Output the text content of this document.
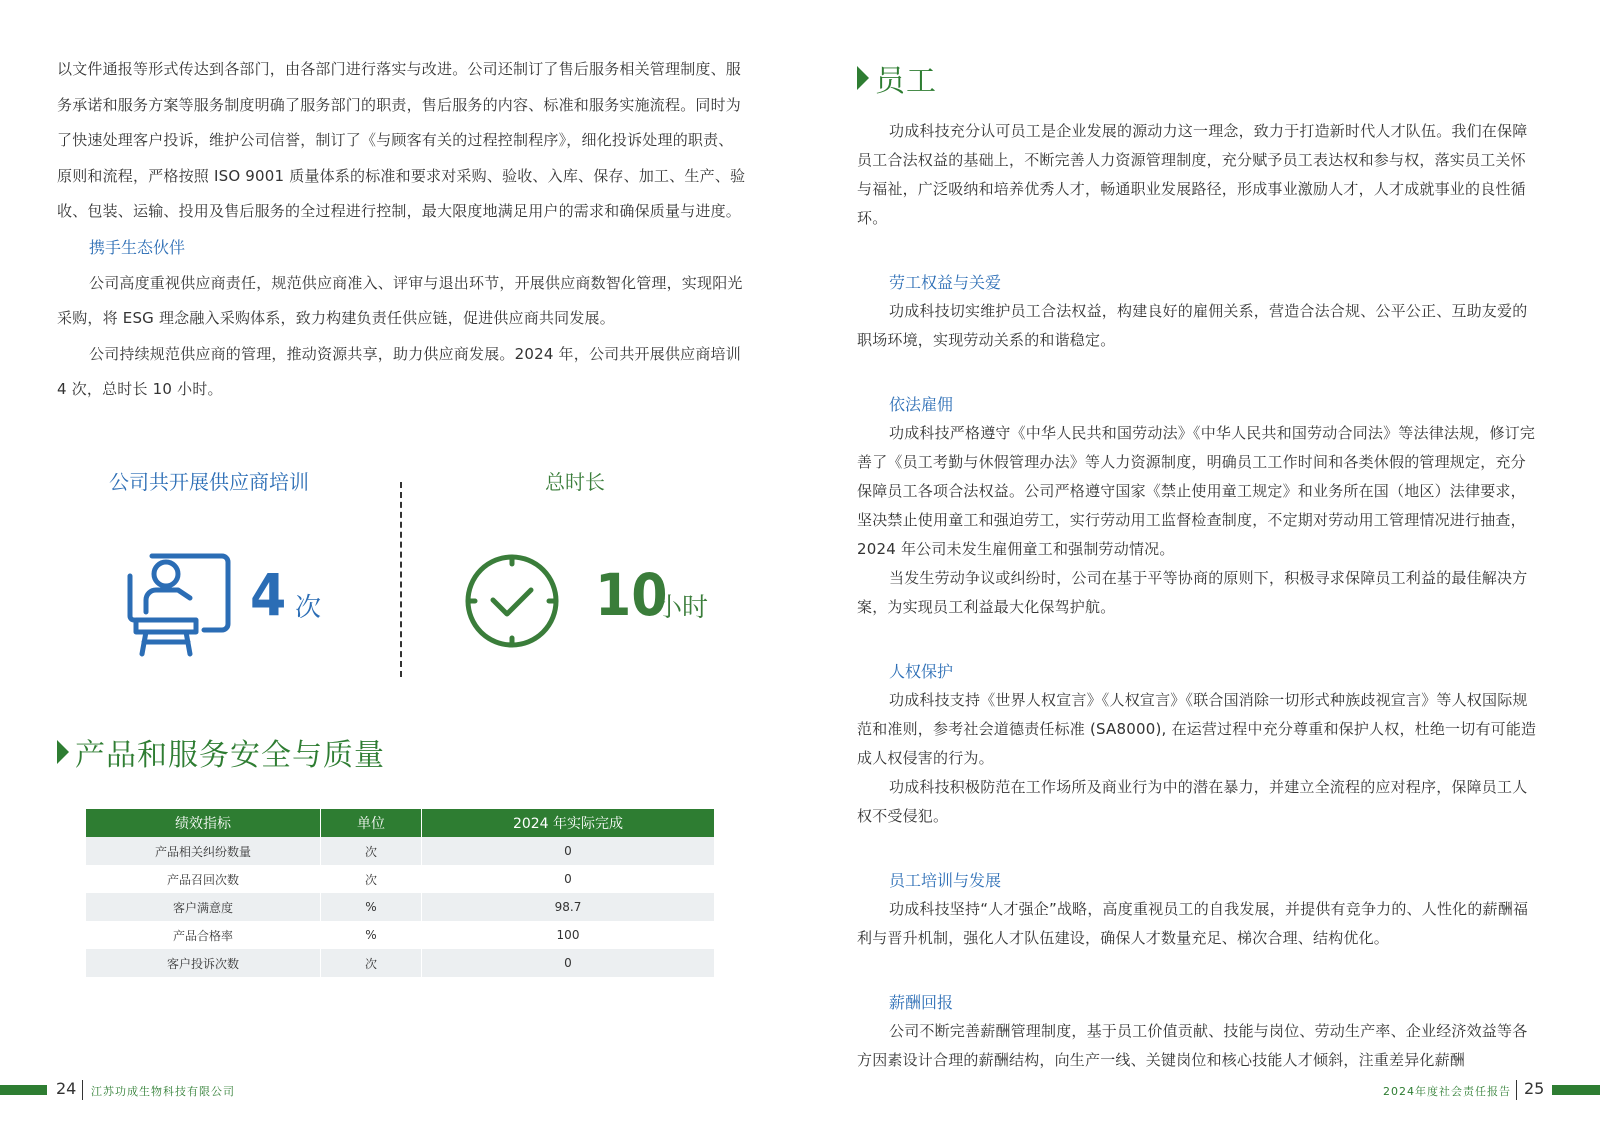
以文件通报等形式传达到各部门，由各部门进行落实与改进。公司还制订了售后服务相关管理制度、服务承诺和服务方案等服务制度明确了服务部门的职责，售后服务的内容、标准和服务实施流程。同时为了快速处理客户投诉，维护公司信誉，制订了《与顾客有关的过程控制程序》，细化投诉处理的职责、原则和流程，严格按照 ISO 9001 质量体系的标准和要求对采购、验收、入库、保存、加工、生产、验收、包装、运输、投用及售后服务的全过程进行控制，最大限度地满足用户的需求和确保质量与进度。

携手生态伙伴

公司高度重视供应商责任，规范供应商准入、评审与退出环节，开展供应商数智化管理，实现阳光采购，将 ESG 理念融入采购体系，致力构建负责任供应链，促进供应商共同发展。

公司持续规范供应商的管理，推动资源共享，助力供应商发展。2024 年，公司共开展供应商培训 4 次，总时长 10 小时。

公司共开展供应商培训	总时长
4 次	10
小时
产品和服务安全与质量
绩效指标	单位	2024 年实际完成
产品相关纠纷数量	次	0
产品召回次数	次	0
客户满意度	%	98.7
产品合格率	%	100
客户投诉次数	次	0
24 江苏功成生物科技有限公司
员工

功成科技充分认可员工是企业发展的源动力这一理念，致力于打造新时代人才队伍。我们在保障员工合法权益的基础上，不断完善人力资源管理制度，充分赋予员工表达权和参与权，落实员工关怀与福祉，广泛吸纳和培养优秀人才，畅通职业发展路径，形成事业激励人才，人才成就事业的良性循环。

劳工权益与关爱

功成科技切实维护员工合法权益，构建良好的雇佣关系，营造合法合规、公平公正、互助友爱的职场环境，实现劳动关系的和谐稳定。

依法雇佣

功成科技严格遵守《中华人民共和国劳动法》《中华人民共和国劳动合同法》等法律法规，修订完善了《员工考勤与休假管理办法》等人力资源制度，明确员工工作时间和各类休假的管理规定，充分保障员工各项合法权益。公司严格遵守国家《禁止使用童工规定》和业务所在国（地区）法律要求，坚决禁止使用童工和强迫劳工，实行劳动用工监督检查制度，不定期对劳动用工管理情况进行抽查，2024 年公司未发生雇佣童工和强制劳动情况。

当发生劳动争议或纠纷时，公司在基于平等协商的原则下，积极寻求保障员工利益的最佳解决方案，为实现员工利益最大化保驾护航。

人权保护

功成科技支持《世界人权宣言》《人权宣言》《联合国消除一切形式种族歧视宣言》等人权国际规范和准则，参考社会道德责任标准 (SA8000), 在运营过程中充分尊重和保护人权，杜绝一切有可能造成人权侵害的行为。

功成科技积极防范在工作场所及商业行为中的潜在暴力，并建立全流程的应对程序，保障员工人权不受侵犯。

员工培训与发展

功成科技坚持“人才强企”战略，高度重视员工的自我发展，并提供有竞争力的、人性化的薪酬福利与晋升机制，强化人才队伍建设，确保人才数量充足、梯次合理、结构优化。

薪酬回报

公司不断完善薪酬管理制度，基于员工价值贡献、技能与岗位、劳动生产率、企业经济效益等各方因素设计合理的薪酬结构，向生产一线、关键岗位和核心技能人才倾斜，注重差异化薪酬

2024年度社会责任报告 25
